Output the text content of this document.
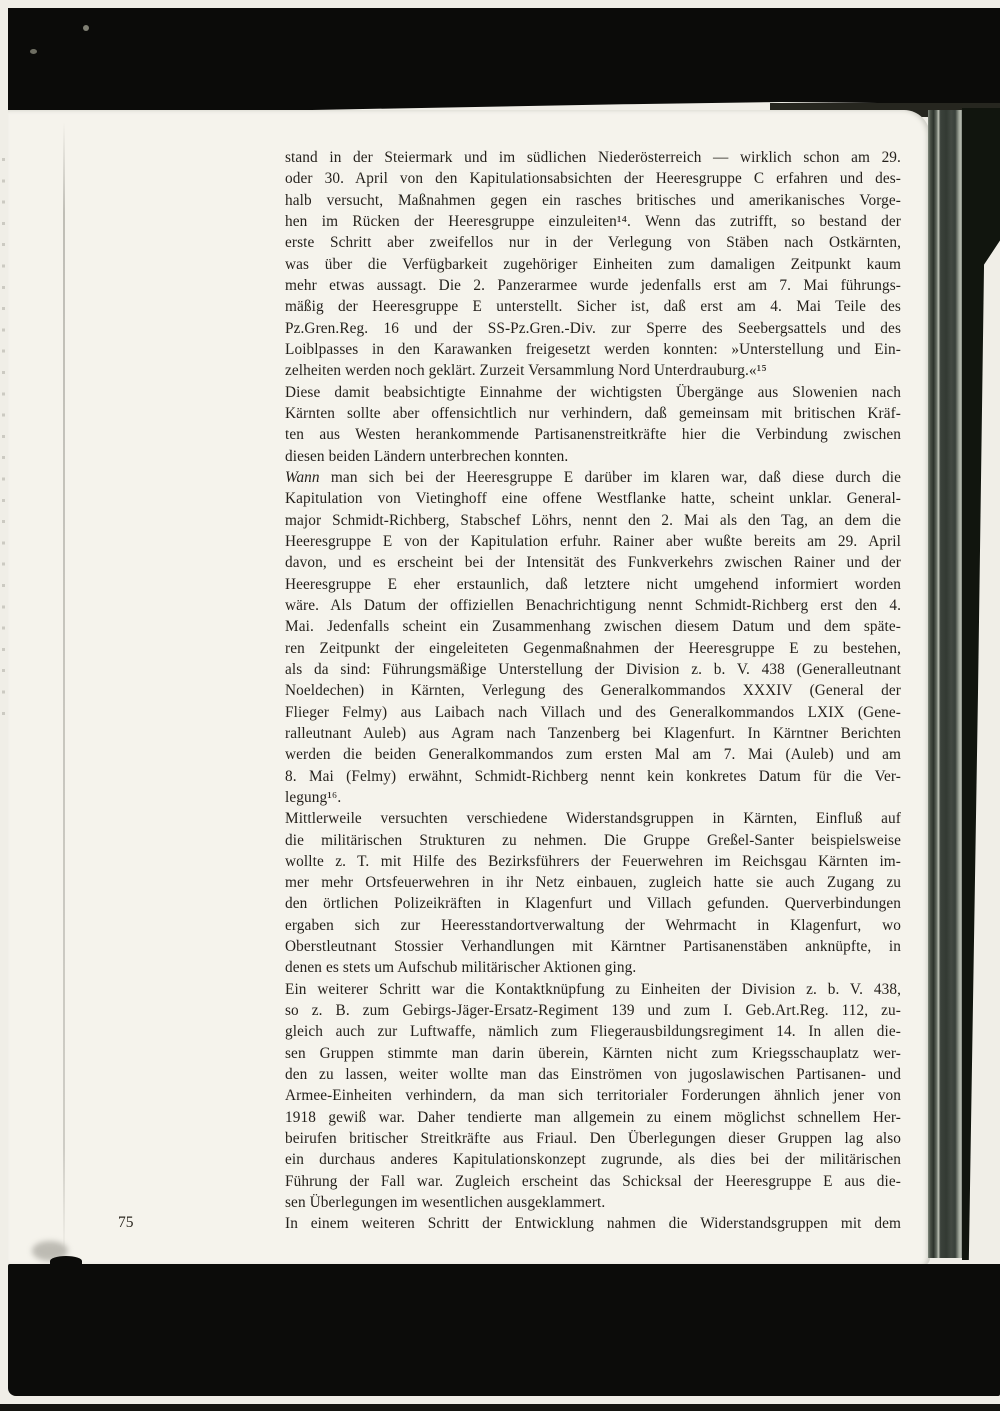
stand in der Steiermark und im südlichen Niederösterreich — wirklich schon am 29.
oder 30. April von den Kapitulationsabsichten der Heeresgruppe C erfahren und des-
halb versucht, Maßnahmen gegen ein rasches britisches und amerikanisches Vorge-
hen im Rücken der Heeresgruppe einzuleiten¹⁴. Wenn das zutrifft, so bestand der
erste Schritt aber zweifellos nur in der Verlegung von Stäben nach Ostkärnten,
was über die Verfügbarkeit zugehöriger Einheiten zum damaligen Zeitpunkt kaum
mehr etwas aussagt. Die 2. Panzerarmee wurde jedenfalls erst am 7. Mai führungs-
mäßig der Heeresgruppe E unterstellt. Sicher ist, daß erst am 4. Mai Teile des
Pz.Gren.Reg. 16 und der SS-Pz.Gren.-Div. zur Sperre des Seebergsattels und des
Loiblpasses in den Karawanken freigesetzt werden konnten: »Unterstellung und Ein-
zelheiten werden noch geklärt. Zurzeit Versammlung Nord Unterdrauburg.«¹⁵
Diese damit beabsichtigte Einnahme der wichtigsten Übergänge aus Slowenien nach
Kärnten sollte aber offensichtlich nur verhindern, daß gemeinsam mit britischen Kräf-
ten aus Westen herankommende Partisanenstreitkräfte hier die Verbindung zwischen
diesen beiden Ländern unterbrechen konnten.
Wann man sich bei der Heeresgruppe E darüber im klaren war, daß diese durch die
Kapitulation von Vietinghoff eine offene Westflanke hatte, scheint unklar. General-
major Schmidt-Richberg, Stabschef Löhrs, nennt den 2. Mai als den Tag, an dem die
Heeresgruppe E von der Kapitulation erfuhr. Rainer aber wußte bereits am 29. April
davon, und es erscheint bei der Intensität des Funkverkehrs zwischen Rainer und der
Heeresgruppe E eher erstaunlich, daß letztere nicht umgehend informiert worden
wäre. Als Datum der offiziellen Benachrichtigung nennt Schmidt-Richberg erst den 4.
Mai. Jedenfalls scheint ein Zusammenhang zwischen diesem Datum und dem späte-
ren Zeitpunkt der eingeleiteten Gegenmaßnahmen der Heeresgruppe E zu bestehen,
als da sind: Führungsmäßige Unterstellung der Division z. b. V. 438 (Generalleutnant
Noeldechen) in Kärnten, Verlegung des Generalkommandos XXXIV (General der
Flieger Felmy) aus Laibach nach Villach und des Generalkommandos LXIX (Gene-
ralleutnant Auleb) aus Agram nach Tanzenberg bei Klagenfurt. In Kärntner Berichten
werden die beiden Generalkommandos zum ersten Mal am 7. Mai (Auleb) und am
8. Mai (Felmy) erwähnt, Schmidt-Richberg nennt kein konkretes Datum für die Ver-
legung¹⁶.
Mittlerweile versuchten verschiedene Widerstandsgruppen in Kärnten, Einfluß auf
die militärischen Strukturen zu nehmen. Die Gruppe Greßel-Santer beispielsweise
wollte z. T. mit Hilfe des Bezirksführers der Feuerwehren im Reichsgau Kärnten im-
mer mehr Ortsfeuerwehren in ihr Netz einbauen, zugleich hatte sie auch Zugang zu
den örtlichen Polizeikräften in Klagenfurt und Villach gefunden. Querverbindungen
ergaben sich zur Heeresstandortverwaltung der Wehrmacht in Klagenfurt, wo
Oberstleutnant Stossier Verhandlungen mit Kärntner Partisanenstäben anknüpfte, in
denen es stets um Aufschub militärischer Aktionen ging.
Ein weiterer Schritt war die Kontaktknüpfung zu Einheiten der Division z. b. V. 438,
so z. B. zum Gebirgs-Jäger-Ersatz-Regiment 139 und zum I. Geb.Art.Reg. 112, zu-
gleich auch zur Luftwaffe, nämlich zum Fliegerausbildungsregiment 14. In allen die-
sen Gruppen stimmte man darin überein, Kärnten nicht zum Kriegsschauplatz wer-
den zu lassen, weiter wollte man das Einströmen von jugoslawischen Partisanen- und
Armee-Einheiten verhindern, da man sich territorialer Forderungen ähnlich jener von
1918 gewiß war. Daher tendierte man allgemein zu einem möglichst schnellem Her-
beirufen britischer Streitkräfte aus Friaul. Den Überlegungen dieser Gruppen lag also
ein durchaus anderes Kapitulationskonzept zugrunde, als dies bei der militärischen
Führung der Fall war. Zugleich erscheint das Schicksal der Heeresgruppe E aus die-
sen Überlegungen im wesentlichen ausgeklammert.
In einem weiteren Schritt der Entwicklung nahmen die Widerstandsgruppen mit dem
75
